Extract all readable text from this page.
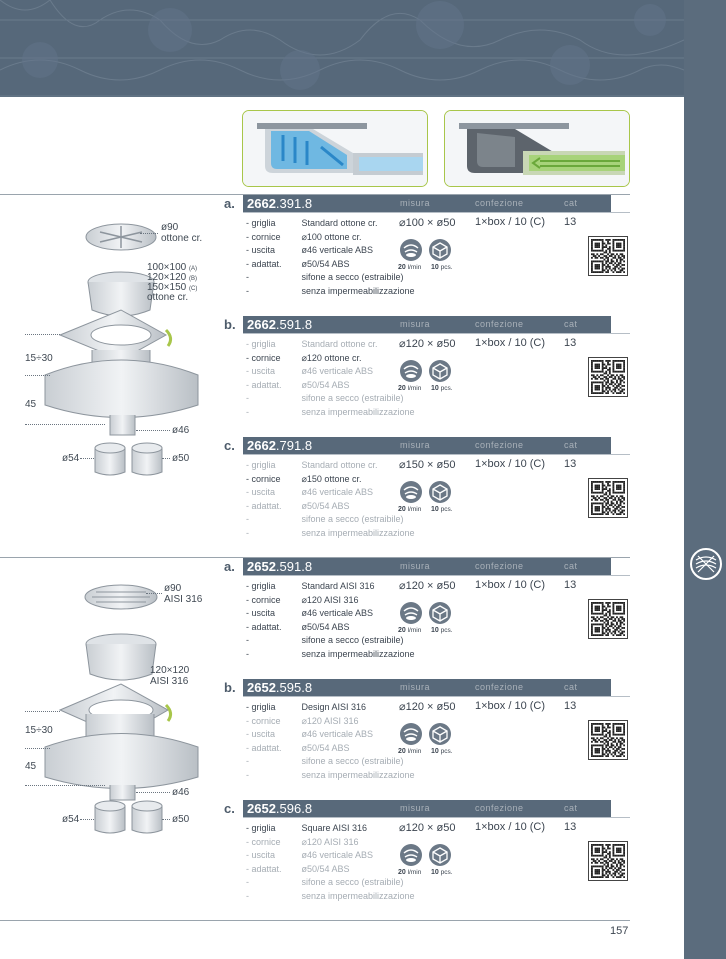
ø90
ottone cr.
100×100 (A)
120×120 (B)
150×150 (C)
ottone cr.
15÷30
45
ø46
ø54	ø50
ø90
AISI 316
120×120
AISI 316
15÷30
45
ø46
ø54	ø50
a. 2662.391.8	misura	confezione	cat
- griglia	Standard ottone cr.
- cornice ⌀100 ottone cr.
- uscita	ø46 verticale ABS
- adattat. ø50/54 ABS
-	sifone a secco (estraibile)
-	senza impermeabilizzazione
⌀100 × ø50 1×box / 10 (C) 13
20 l/min 10 pcs.
b. 2662.591.8	misura	confezione	cat
- griglia	Standard ottone cr.
- cornice ⌀120 ottone cr.
- uscita	ø46 verticale ABS
- adattat. ø50/54 ABS
-	sifone a secco (estraibile)
-	senza impermeabilizzazione
⌀120 × ø50 1×box / 10 (C) 13
20 l/min 10 pcs.
c. 2662.791.8	misura	confezione	cat
- griglia	Standard ottone cr.
- cornice ⌀150 ottone cr.
- uscita	ø46 verticale ABS
- adattat. ø50/54 ABS
-	sifone a secco (estraibile)
-	senza impermeabilizzazione
⌀150 × ø50 1×box / 10 (C) 13
20 l/min 10 pcs.
a. 2652.591.8	misura	confezione	cat
- griglia	Standard AISI 316
- cornice ⌀120 AISI 316
- uscita	ø46 verticale ABS
- adattat. ø50/54 ABS
-	sifone a secco (estraibile)
-	senza impermeabilizzazione
⌀120 × ø50 1×box / 10 (C) 13
20 l/min 10 pcs.
b. 2652.595.8	misura	confezione	cat
- griglia	Design AISI 316
- cornice ⌀120 AISI 316
- uscita	ø46 verticale ABS
- adattat. ø50/54 ABS
-	sifone a secco (estraibile)
-	senza impermeabilizzazione
⌀120 × ø50 1×box / 10 (C) 13
20 l/min 10 pcs.
c. 2652.596.8	misura	confezione	cat
- griglia	Square AISI 316
- cornice ⌀120 AISI 316
- uscita	ø46 verticale ABS
- adattat. ø50/54 ABS
-	sifone a secco (estraibile)
-	senza impermeabilizzazione
⌀120 × ø50 1×box / 10 (C) 13
20 l/min 10 pcs.
157
